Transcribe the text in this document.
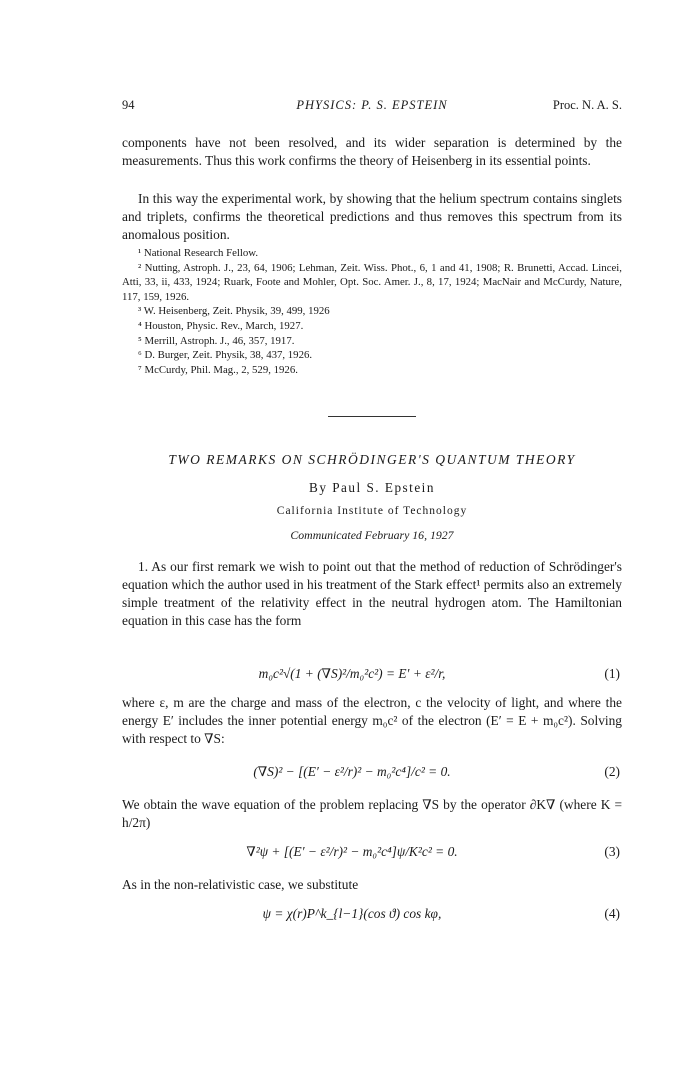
94	PHYSICS: P. S. EPSTEIN	Proc. N. A. S.

components have not been resolved, and its wider separation is determined by the measurements. Thus this work confirms the theory of Heisenberg in its essential points.

In this way the experimental work, by showing that the helium spectrum contains singlets and triplets, confirms the theoretical predictions and thus removes this spectrum from its anomalous position.

¹ National Research Fellow.

² Nutting, Astroph. J., 23, 64, 1906; Lehman, Zeit. Wiss. Phot., 6, 1 and 41, 1908; R. Brunetti, Accad. Lincei, Atti, 33, ii, 433, 1924; Ruark, Foote and Mohler, Opt. Soc. Amer. J., 8, 17, 1924; MacNair and McCurdy, Nature, 117, 159, 1926.

³ W. Heisenberg, Zeit. Physik, 39, 499, 1926

⁴ Houston, Physic. Rev., March, 1927.

⁵ Merrill, Astroph. J., 46, 357, 1917.

⁶ D. Burger, Zeit. Physik, 38, 437, 1926.

⁷ McCurdy, Phil. Mag., 2, 529, 1926.

TWO REMARKS ON SCHRÖDINGER'S QUANTUM THEORY
By Paul S. Epstein
California Institute of Technology
Communicated February 16, 1927

1. As our first remark we wish to point out that the method of reduction of Schrödinger's equation which the author used in his treatment of the Stark effect¹ permits also an extremely simple treatment of the relativity effect in the neutral hydrogen atom. The Hamiltonian equation in this case has the form

m₀c²√(1 + (∇S)²/m₀²c²) = E′ + ε²/r,	(1)

where ε, m are the charge and mass of the electron, c the velocity of light, and where the energy E′ includes the inner potential energy m₀c² of the electron (E′ = E + m₀c²). Solving with respect to ∇S:

(∇S)² − [(E′ − ε²/r)² − m₀²c⁴]/c² = 0.	(2)

We obtain the wave equation of the problem replacing ∇S by the operator ∂K∇ (where K = h/2π)

∇²ψ + [(E′ − ε²/r)² − m₀²c⁴]ψ/K²c² = 0.	(3)

As in the non-relativistic case, we substitute

ψ = χ(r)P^k_{l−1}(cos ϑ) cos kφ,	(4)
